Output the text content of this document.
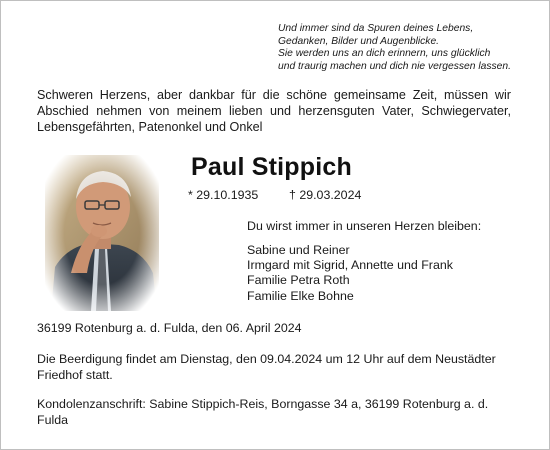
Und immer sind da Spuren deines Lebens,
Gedanken, Bilder und Augenblicke.
Sie werden uns an dich erinnern, uns glücklich
und traurig machen und dich nie vergessen lassen.
Schweren Herzens, aber dankbar für die schöne gemeinsame Zeit, müssen wir Abschied nehmen von meinem lieben und herzensguten Vater, Schwiegervater, Lebensgefährten, Patenonkel und Onkel
Paul Stippich
* 29.10.1935 † 29.03.2024
Du wirst immer in unseren Herzen bleiben:
Sabine und Reiner
Irmgard mit Sigrid, Annette und Frank
Familie Petra Roth
Familie Elke Bohne
36199 Rotenburg a. d. Fulda, den 06. April 2024
Die Beerdigung findet am Dienstag, den 09.04.2024 um 12 Uhr auf dem Neustädter Friedhof statt.
Kondolenzanschrift: Sabine Stippich-Reis, Borngasse 34 a, 36199 Rotenburg a. d. Fulda
